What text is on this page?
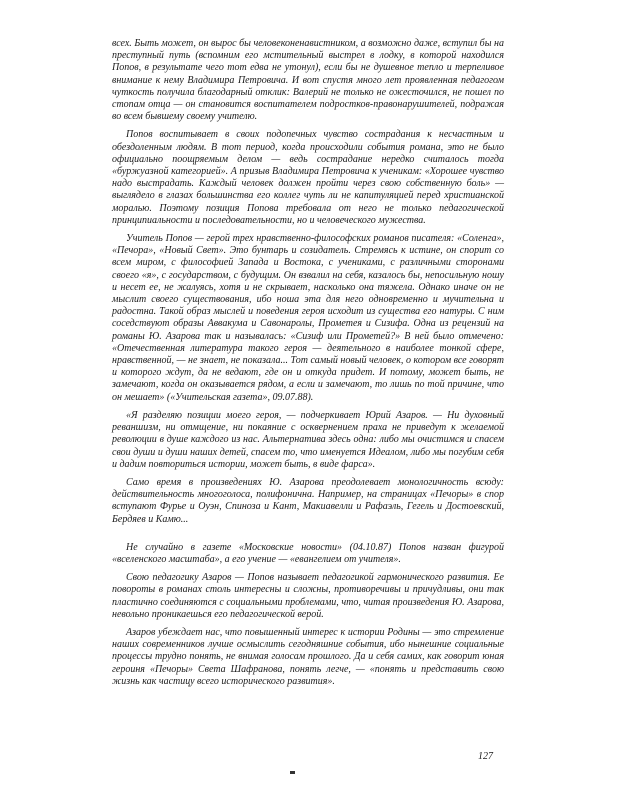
всех. Быть может, он вырос бы человеконенавистником, а возможно даже, вступил бы на преступный путь (вспомним его мстительный выстрел в лодку, в которой находился Попов, в результате чего тот едва не утонул), если бы не душевное тепло и терпеливое внимание к нему Владимира Петровича. И вот спустя много лет проявленная педагогом чуткость получила благодарный отклик: Валерий не только не ожесточился, не пошел по стопам отца — он становится воспитателем подростков-правонарушителей, подражая во всем бывшему своему учителю.

Попов воспитывает в своих подопечных чувство сострадания к несчастным и обездоленным людям. В тот период, когда происходили события романа, это не было официально поощряемым делом — ведь сострадание нередко считалось тогда «буржуазной категорией». А призыв Владимира Петровича к ученикам: «Хорошее чувство надо выстрадать. Каждый человек должен пройти через свою собственную боль» — выглядело в глазах большинства его коллег чуть ли не капитуляцией перед христианской моралью. Поэтому позиция Попова требовала от него не только педагогической принципиальности и последовательности, но и человеческого мужества.

Учитель Попов — герой трех нравственно-философских романов писателя: «Соленга», «Печора», «Новый Свет». Это бунтарь и созидатель. Стремясь к истине, он спорит со всем миром, с философией Запада и Востока, с учениками, с различными сторонами своего «я», с государством, с будущим. Он взвалил на себя, казалось бы, непосильную ношу и несет ее, не жалуясь, хотя и не скрывает, насколько она тяжела. Однако иначе он не мыслит своего существования, ибо ноша эта для него одновременно и мучительна и радостна. Такой образ мыслей и поведения героя исходит из существа его натуры. С ним соседствуют образы Аввакума и Савонаролы, Прометея и Сизифа. Одна из рецензий на романы Ю. Азарова так и называлась: «Сизиф или Прометей?» В ней было отмечено: «Отечественная литература такого героя — деятельного в наиболее тонкой сфере, нравственной, — не знает, не показала... Тот самый новый человек, о котором все говорят и которого ждут, да не ведают, где он и откуда придет. И потому, может быть, не замечают, когда он оказывается рядом, а если и замечают, то лишь по той причине, что он мешает» («Учительская газета», 09.07.88).

«Я разделяю позиции моего героя, — подчеркивает Юрий Азаров. — Ни духовный реваншизм, ни отмщение, ни покаяние с осквернением праха не приведут к желаемой революции в душе каждого из нас. Альтернатива здесь одна: либо мы очистимся и спасем свои души и души наших детей, спасем то, что именуется Идеалом, либо мы погубим себя и дадим повториться истории, может быть, в виде фарса».

Само время в произведениях Ю. Азарова преодолевает монологичность всюду: действительность многоголоса, полифонична. Например, на страницах «Печоры» в спор вступают Фурье и Оуэн, Спиноза и Кант, Макиавелли и Рафаэль, Гегель и Достоевский, Бердяев и Камю...

Не случайно в газете «Московские новости» (04.10.87) Попов назван фигурой «вселенского масштаба», а его учение — «евангелием от учителя».

Свою педагогику Азаров — Попов называет педагогикой гармонического развития. Ее повороты в романах столь интересны и сложны, противоречивы и причудливы, они так пластично соединяются с социальными проблемами, что, читая произведения Ю. Азарова, невольно проникаешься его педагогической верой.

Азаров убеждает нас, что повышенный интерес к истории Родины — это стремление наших современников лучше осмыслить сегодняшние события, ибо нынешние социальные процессы трудно понять, не внимая голосам прошлого. Да и себя самих, как говорит юная героиня «Печоры» Света Шафранова, понять легче, — «понять и представить свою жизнь как частицу всего исторического развития».

127
